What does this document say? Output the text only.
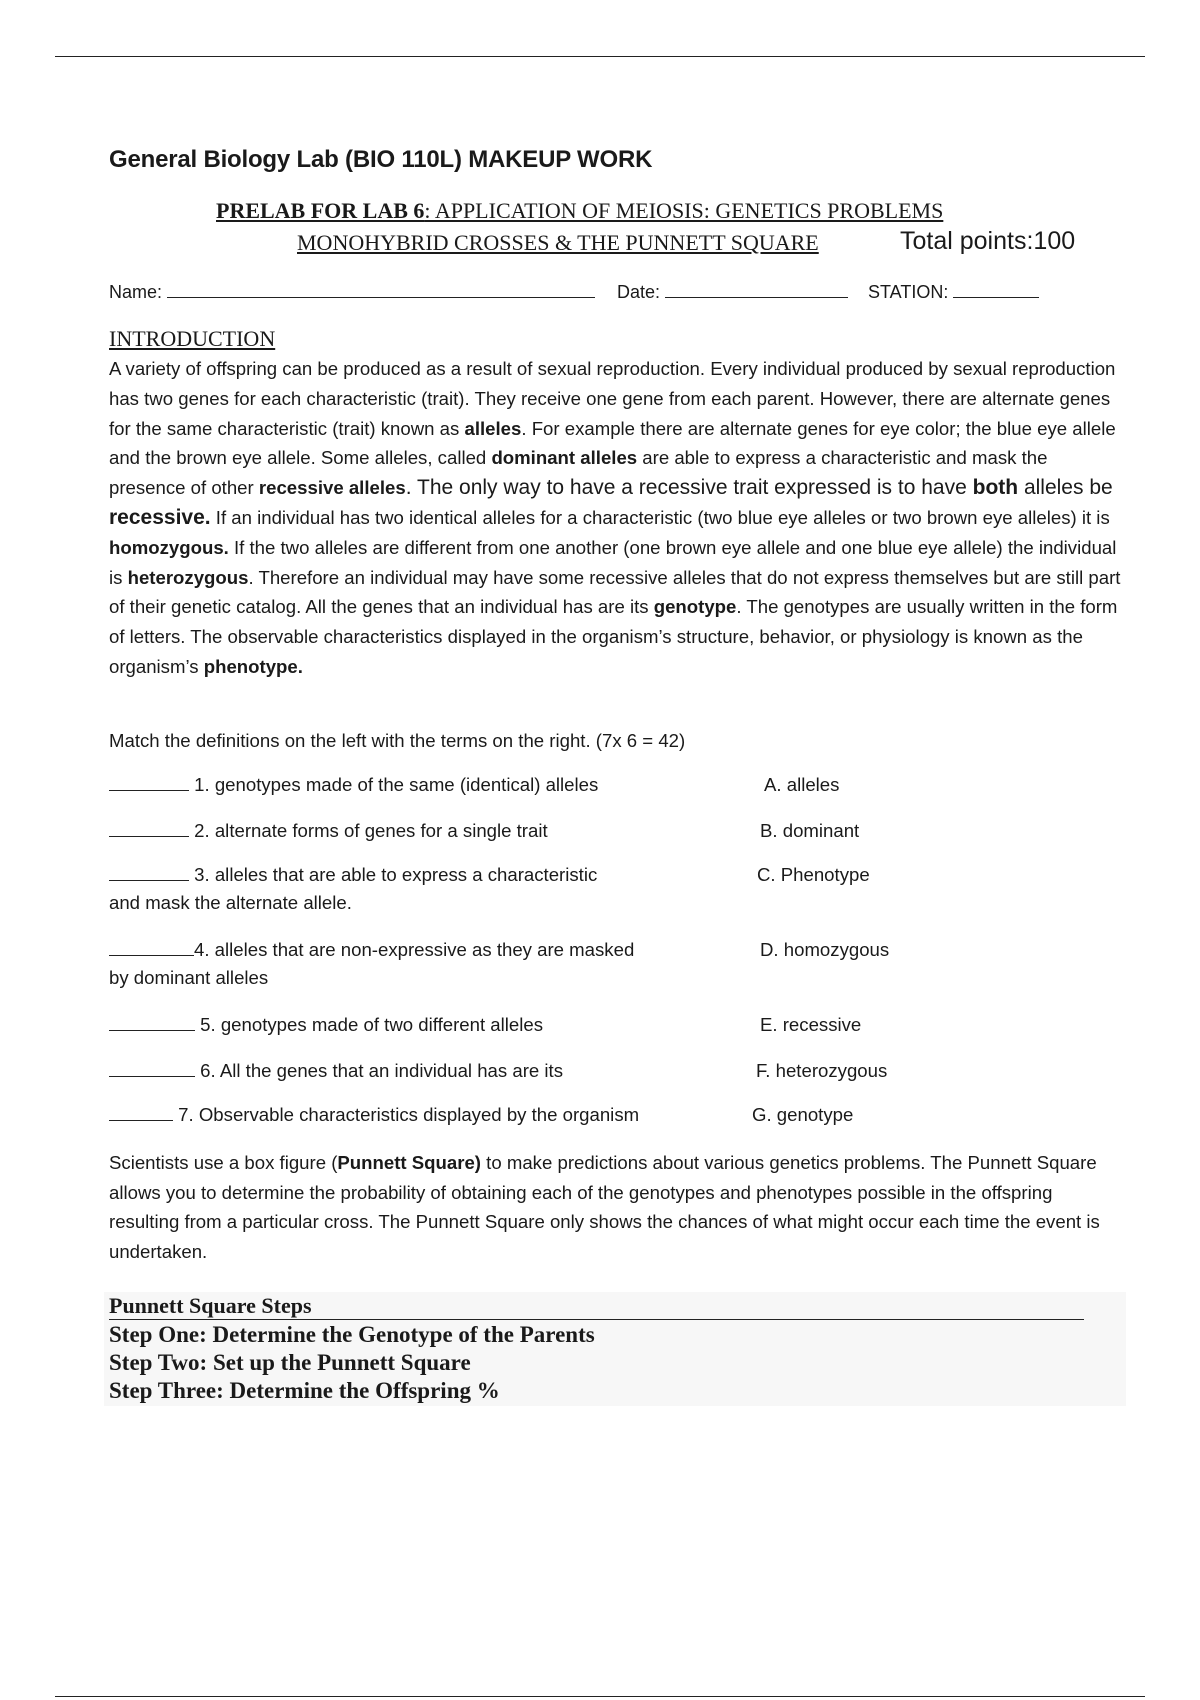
General Biology Lab (BIO 110L) MAKEUP WORK
PRELAB FOR LAB 6: APPLICATION OF MEIOSIS: GENETICS PROBLEMS
MONOHYBRID CROSSES & THE PUNNETT SQUARE	Total points:100
Name:	Date:	STATION:
INTRODUCTION
A variety of offspring can be produced as a result of sexual reproduction. Every individual produced by sexual reproduction has two genes for each characteristic (trait). They receive one gene from each parent. However, there are alternate genes for the same characteristic (trait) known as alleles. For example there are alternate genes for eye color; the blue eye allele and the brown eye allele. Some alleles, called dominant alleles are able to express a characteristic and mask the presence of other recessive alleles. The only way to have a recessive trait expressed is to have both alleles be recessive. If an individual has two identical alleles for a characteristic (two blue eye alleles or two brown eye alleles) it is homozygous. If the two alleles are different from one another (one brown eye allele and one blue eye allele) the individual is heterozygous. Therefore an individual may have some recessive alleles that do not express themselves but are still part of their genetic catalog. All the genes that an individual has are its genotype. The genotypes are usually written in the form of letters. The observable characteristics displayed in the organism’s structure, behavior, or physiology is known as the organism’s phenotype.
Match the definitions on the left with the terms on the right. (7x 6 = 42)
1. genotypes made of the same (identical) alleles	A. alleles
2. alternate forms of genes for a single trait	B. dominant
3. alleles that are able to express a characteristic
and mask the alternate allele.
C. Phenotype
4. alleles that are non-expressive as they are masked
by dominant alleles
D. homozygous
5. genotypes made of two different alleles	E. recessive
6. All the genes that an individual has are its	F. heterozygous
7. Observable characteristics displayed by the organism	G. genotype
Scientists use a box figure (Punnett Square) to make predictions about various genetics problems. The Punnett Square allows you to determine the probability of obtaining each of the genotypes and phenotypes possible in the offspring resulting from a particular cross. The Punnett Square only shows the chances of what might occur each time the event is undertaken.
Punnett Square Steps
Step One: Determine the Genotype of the Parents
Step Two: Set up the Punnett Square
Step Three: Determine the Offspring %
